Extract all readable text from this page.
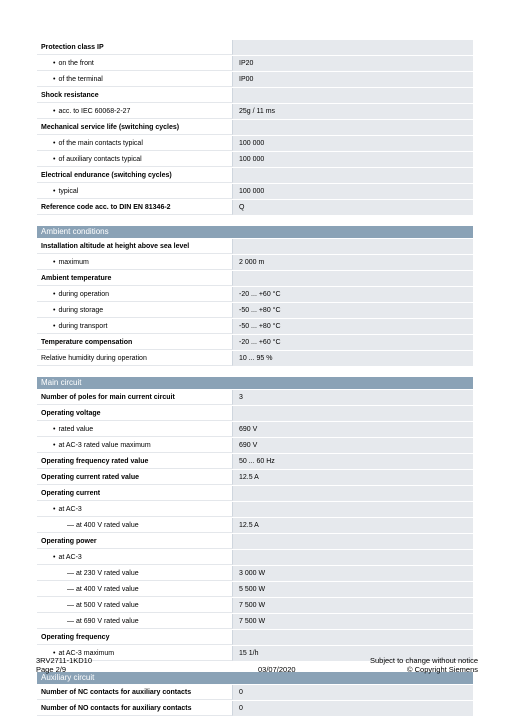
Protection class IP
• on the front	IP20
• of the terminal	IP00
Shock resistance
• acc. to IEC 60068-2-27	25g / 11 ms
Mechanical service life (switching cycles)
• of the main contacts typical	100 000
• of auxiliary contacts typical	100 000
Electrical endurance (switching cycles)
• typical	100 000
Reference code acc. to DIN EN 81346-2	Q
Ambient conditions
Installation altitude at height above sea level
• maximum	2 000 m
Ambient temperature
• during operation	-20 ... +60 °C
• during storage	-50 ... +80 °C
• during transport	-50 ... +80 °C
Temperature compensation	-20 ... +60 °C
Relative humidity during operation	10 ... 95 %
Main circuit
Number of poles for main current circuit	3
Operating voltage
• rated value	690 V
• at AC-3 rated value maximum	690 V
Operating frequency rated value	50 ... 60 Hz
Operating current rated value	12.5 A
Operating current
• at AC-3
— at 400 V rated value	12.5 A
Operating power
• at AC-3
— at 230 V rated value	3 000 W
— at 400 V rated value	5 500 W
— at 500 V rated value	7 500 W
— at 690 V rated value	7 500 W
Operating frequency
• at AC-3 maximum	15 1/h
Auxiliary circuit
Number of NC contacts for auxiliary contacts	0
Number of NO contacts for auxiliary contacts	0
3RV2711-1KD10
Page 2/9	03/07/2020
Subject to change without notice
© Copyright Siemens
